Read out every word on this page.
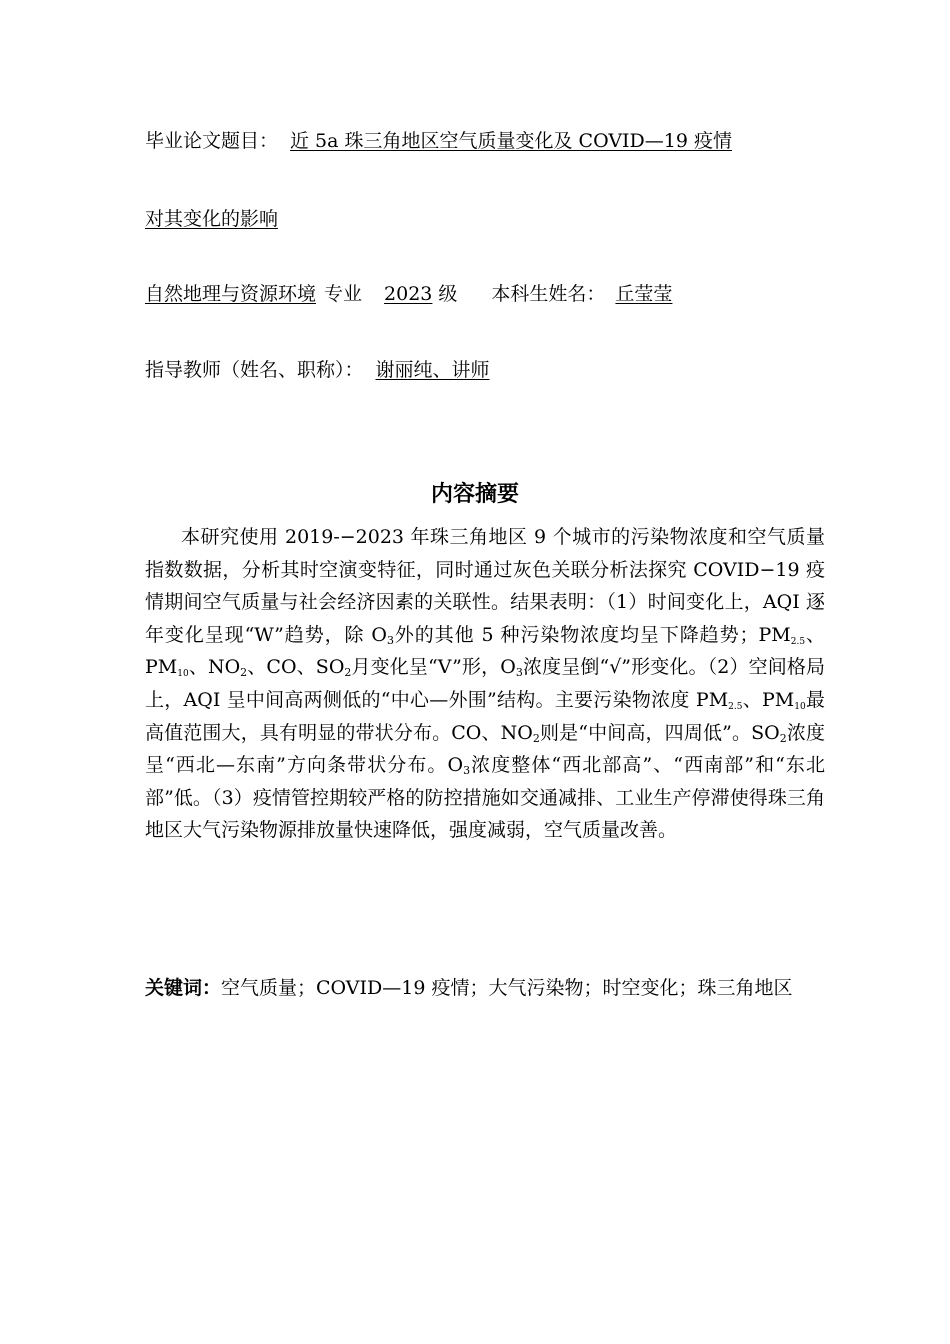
毕业论文题目： 近 5a 珠三角地区空气质量变化及 COVID—19 疫情
对其变化的影响
自然地理与资源环境 专业 2023 级 本科生姓名： 丘莹莹
指导教师（姓名、职称）： 谢丽纯、讲师
内容摘要
本研究使用 2019-−2023 年珠三角地区 9 个城市的污染物浓度和空气质量指数数据，分析其时空演变特征，同时通过灰色关联分析法探究 COVID−19 疫情期间空气质量与社会经济因素的关联性。结果表明：（1）时间变化上，AQI 逐年变化呈现“W”趋势，除 $O_3$外的其他 5 种污染物浓度均呈下降趋势；$PM_{2.5}$、$PM_{10}$、$NO_2$、CO、$SO_2$月变化呈“V”形，$O_3$浓度呈倒“√”形变化。（2）空间格局上，AQI 呈中间高两侧低的“中心—外围”结构。主要污染物浓度 $PM_{2.5}$、$PM_{10}$最高值范围大，具有明显的带状分布。CO、$NO_2$则是“中间高，四周低”。$SO_2$浓度呈“西北—东南”方向条带状分布。$O_3$浓度整体“西北部高”、“西南部”和“东北部”低。（3）疫情管控期较严格的防控措施如交通减排、工业生产停滞使得珠三角地区大气污染物源排放量快速降低，强度减弱，空气质量改善。
关键词：空气质量；COVID—19 疫情；大气污染物；时空变化；珠三角地区
